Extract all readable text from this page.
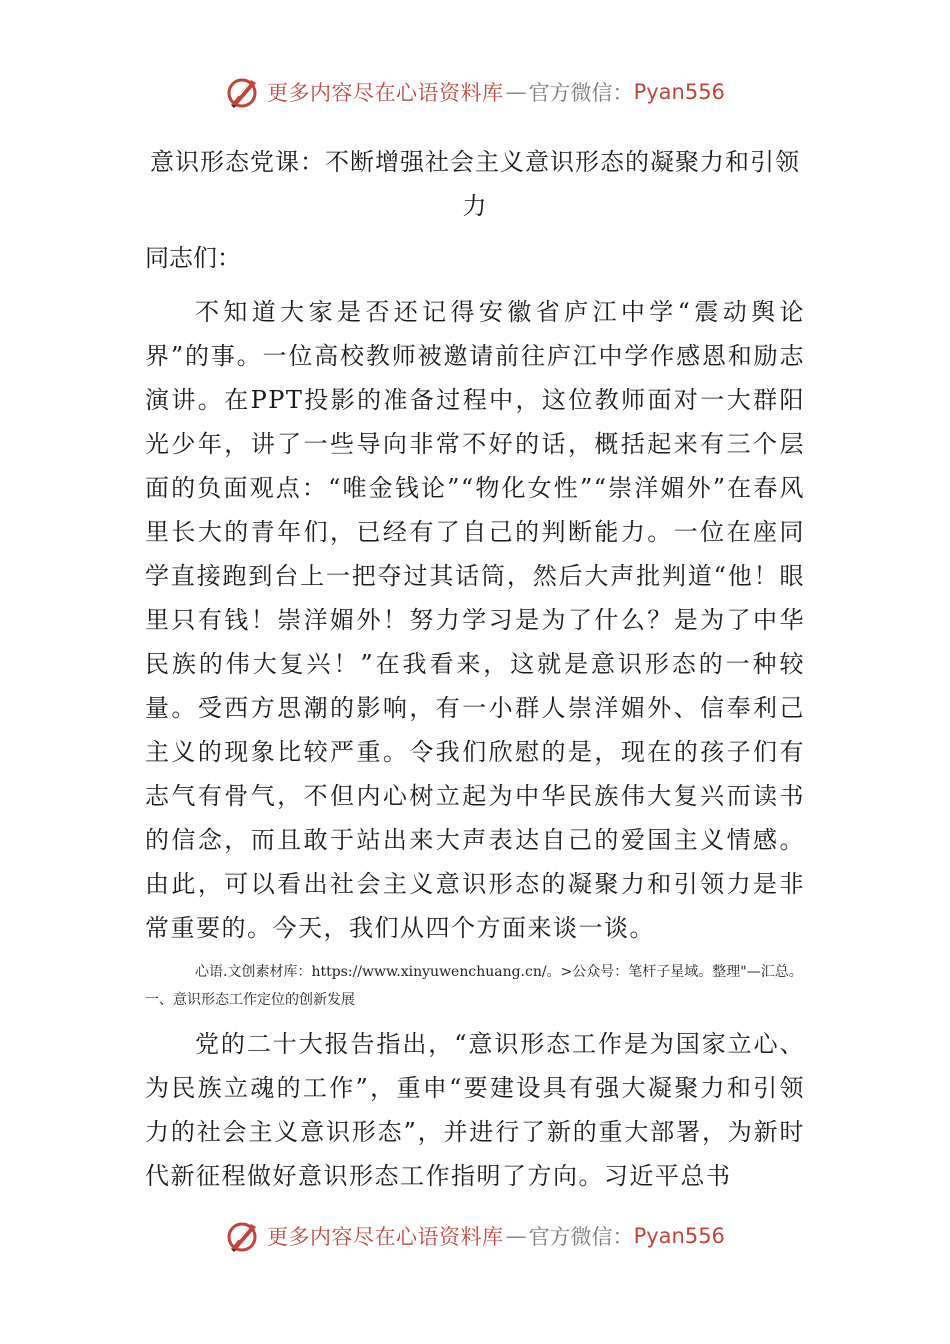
更多内容尽在心语资料库 — 官方微信： Pyan556
意识形态党课：不断增强社会主义意识形态的凝聚力和引领力

同志们：

不知道大家是否还记得安徽省庐江中学“震动舆论界”的事。一位高校教师被邀请前往庐江中学作感恩和励志演讲。在PPT投影的准备过程中，这位教师面对一大群阳光少年，讲了一些导向非常不好的话，概括起来有三个层面的负面观点：“唯金钱论”“物化女性”“崇洋媚外”在春风里长大的青年们，已经有了自己的判断能力。一位在座同学直接跑到台上一把夺过其话筒，然后大声批判道“他！眼里只有钱！崇洋媚外！努力学习是为了什么？是为了中华民族的伟大复兴！”在我看来，这就是意识形态的一种较量。受西方思潮的影响，有一小群人崇洋媚外、信奉利己主义的现象比较严重。令我们欣慰的是，现在的孩子们有志气有骨气，不但内心树立起为中华民族伟大复兴而读书的信念，而且敢于站出来大声表达自己的爱国主义情感。由此，可以看出社会主义意识形态的凝聚力和引领力是非常重要的。今天，我们从四个方面来谈一谈。

心语.文创素材库：https://www.xinyuwenchuang.cn/。>公众号：笔杆子星域。整理"—汇总。一、意识形态工作定位的创新发展

党的二十大报告指出，“意识形态工作是为国家立心、为民族立魂的工作”，重申“要建设具有强大凝聚力和引领力的社会主义意识形态”，并进行了新的重大部署，为新时代新征程做好意识形态工作指明了方向。习近平总书

更多内容尽在心语资料库 — 官方微信： Pyan556
